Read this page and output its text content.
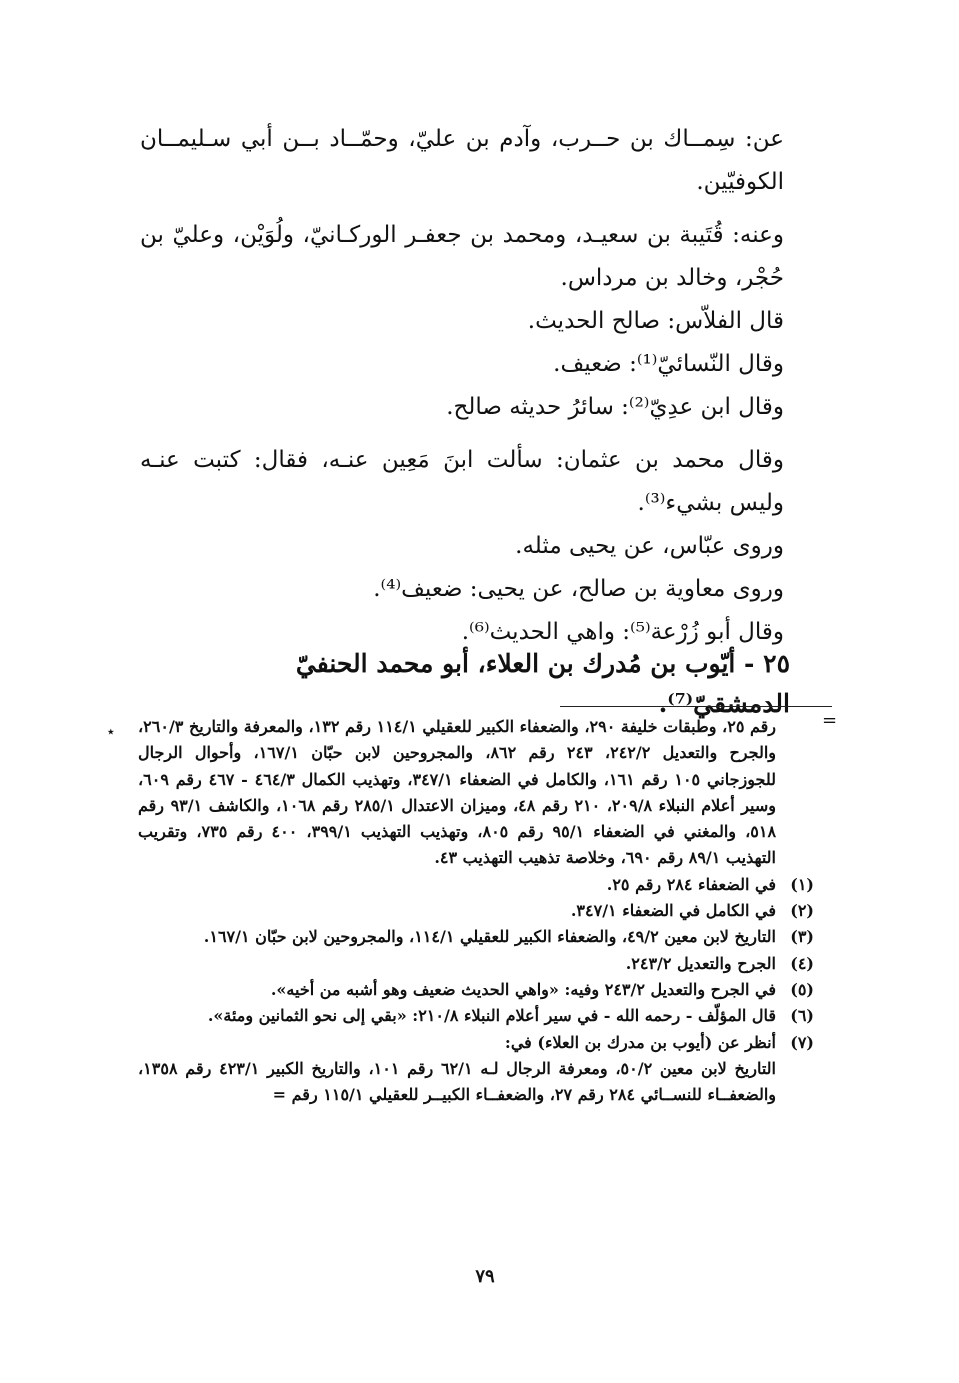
عن: سِمــاك بن حــرب، وآدم بن عليّ، وحمّــاد بــن أبي سـليمــان الكوفيّين.

وعنه: قُتَيبة بن سعيـد، ومحمد بن جعفـر الوركـانيّ، ولُوَيْن، وعليّ بن حُجْر، وخالد بن مرداس.

قال الفلاّس: صالح الحديث.

وقال النّسائيّ⁽¹⁾: ضعيف.

وقال ابن عدِيّ⁽²⁾: سائرُ حديثه صالح.

وقال محمد بن عثمان: سألت ابنَ مَعِين عنـه، فقال: كتبت عنـه وليس بشيء⁽³⁾.

وروى عبّاس، عن يحيى مثله.

وروى معاوية بن صالح، عن يحيى: ضعيف⁽⁴⁾.

وقال أبو زُرْعة⁽⁵⁾: واهي الحديث⁽⁶⁾.

٢٥ - أيّوب بن مُدرك بن العلاء، أبو محمد الحنفيّ الدمشقيّ⁽⁷⁾.
=
٭ رقم ٢٥، وطبقات خليفة ٢٩٠، والضعفاء الكبير للعقيلي ١١٤/١ رقم ١٣٢، والمعرفة والتاريخ ٢٦٠/٣، والجرح والتعديل ٢٤٢/٢، ٢٤٣ رقم ٨٦٢، والمجروحين لابن حبّان ١٦٧/١، وأحوال الرجال للجوزجاني ١٠٥ رقم ١٦١، والكامل في الضعفاء ٣٤٧/١، وتهذيب الكمال ٤٦٤/٣ - ٤٦٧ رقم ٦٠٩، وسير أعلام النبلاء ٢٠٩/٨، ٢١٠ رقم ٤٨، وميزان الاعتدال ٢٨٥/١ رقم ١٠٦٨، والكاشف ٩٣/١ رقم ٥١٨، والمغني في الضعفاء ٩٥/١ رقم ٨٠٥، وتهذيب التهذيب ٣٩٩/١، ٤٠٠ رقم ٧٣٥، وتقريب التهذيب ٨٩/١ رقم ٦٩٠، وخلاصة تذهيب التهذيب ٤٣.

(١)
في الضعفاء ٢٨٤ رقم ٢٥.

(٢)
في الكامل في الضعفاء ٣٤٧/١.

(٣)
التاريخ لابن معين ٤٩/٢، والضعفاء الكبير للعقيلي ١١٤/١، والمجروحين لابن حبّان ١٦٧/١.

(٤)
الجرح والتعديل ٢٤٣/٢.

(٥)
في الجرح والتعديل ٢٤٣/٢ وفيه: «واهي الحديث ضعيف وهو أشبه من أخيه».

(٦)
قال المؤلّف - رحمه الله - في سير أعلام النبلاء ٢١٠/٨: «بقي إلى نحو الثمانين ومئة».

(٧)
أنظر عن (أيوب بن مدرك بن العلاء) في:

التاريخ لابن معين ٥٠/٢، ومعرفة الرجال لـه ٦٢/١ رقم ١٠١، والتاريخ الكبير ٤٢٣/١ رقم ١٣٥٨، والضعفــاء للنســائي ٢٨٤ رقم ٢٧، والضعفــاء الكبيــر للعقيلي ١١٥/١ رقم =

٧٩
